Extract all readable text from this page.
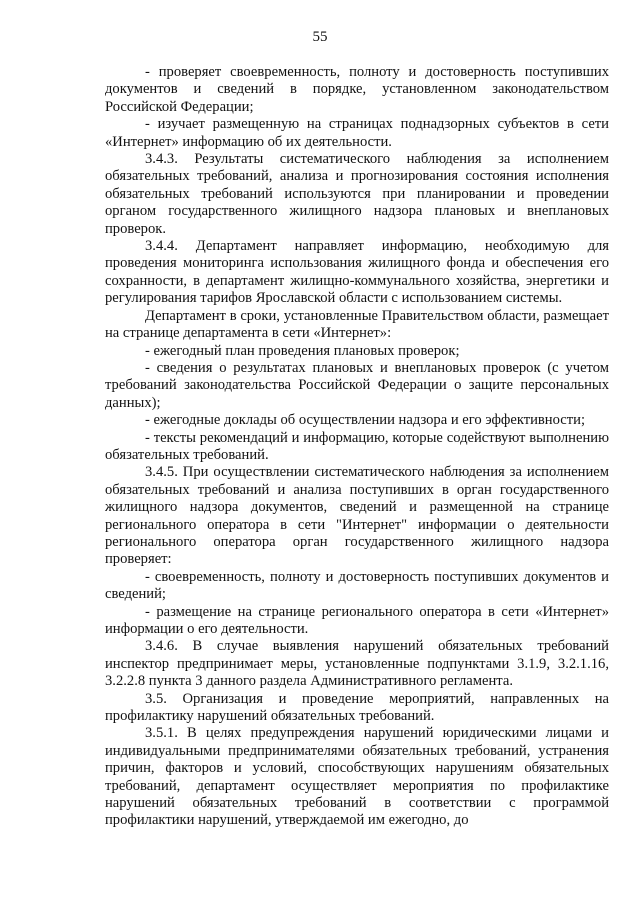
55

- проверяет своевременность, полноту и достоверность поступивших документов и сведений в порядке, установленном законодательством Российской Федерации;

- изучает размещенную на страницах поднадзорных субъектов в сети «Интернет» информацию об их деятельности.

3.4.3. Результаты систематического наблюдения за исполнением обязательных требований, анализа и прогнозирования состояния исполнения обязательных требований используются при планировании и проведении органом государственного жилищного надзора плановых и внеплановых проверок.

3.4.4. Департамент направляет информацию, необходимую для проведения мониторинга использования жилищного фонда и обеспечения его сохранности, в департамент жилищно-коммунального хозяйства, энергетики и регулирования тарифов Ярославской области с использованием системы.

Департамент в сроки, установленные Правительством области, размещает на странице департамента в сети «Интернет»:

- ежегодный план проведения плановых проверок;

- сведения о результатах плановых и внеплановых проверок (с учетом требований законодательства Российской Федерации о защите персональных данных);

- ежегодные доклады об осуществлении надзора и его эффективности;

- тексты рекомендаций и информацию, которые содействуют выполнению обязательных требований.

3.4.5. При осуществлении систематического наблюдения за исполнением обязательных требований и анализа поступивших в орган государственного жилищного надзора документов, сведений и размещенной на странице регионального оператора в сети "Интернет" информации о деятельности регионального оператора орган государственного жилищного надзора проверяет:

- своевременность, полноту и достоверность поступивших документов и сведений;

- размещение на странице регионального оператора в сети «Интернет» информации о его деятельности.

3.4.6. В случае выявления нарушений обязательных требований инспектор предпринимает меры, установленные подпунктами 3.1.9, 3.2.1.16, 3.2.2.8 пункта 3 данного раздела Административного регламента.

3.5. Организация и проведение мероприятий, направленных на профилактику нарушений обязательных требований.

3.5.1. В целях предупреждения нарушений юридическими лицами и индивидуальными предпринимателями обязательных требований, устранения причин, факторов и условий, способствующих нарушениям обязательных требований, департамент осуществляет мероприятия по профилактике нарушений обязательных требований в соответствии с программой профилактики нарушений, утверждаемой им ежегодно, до
